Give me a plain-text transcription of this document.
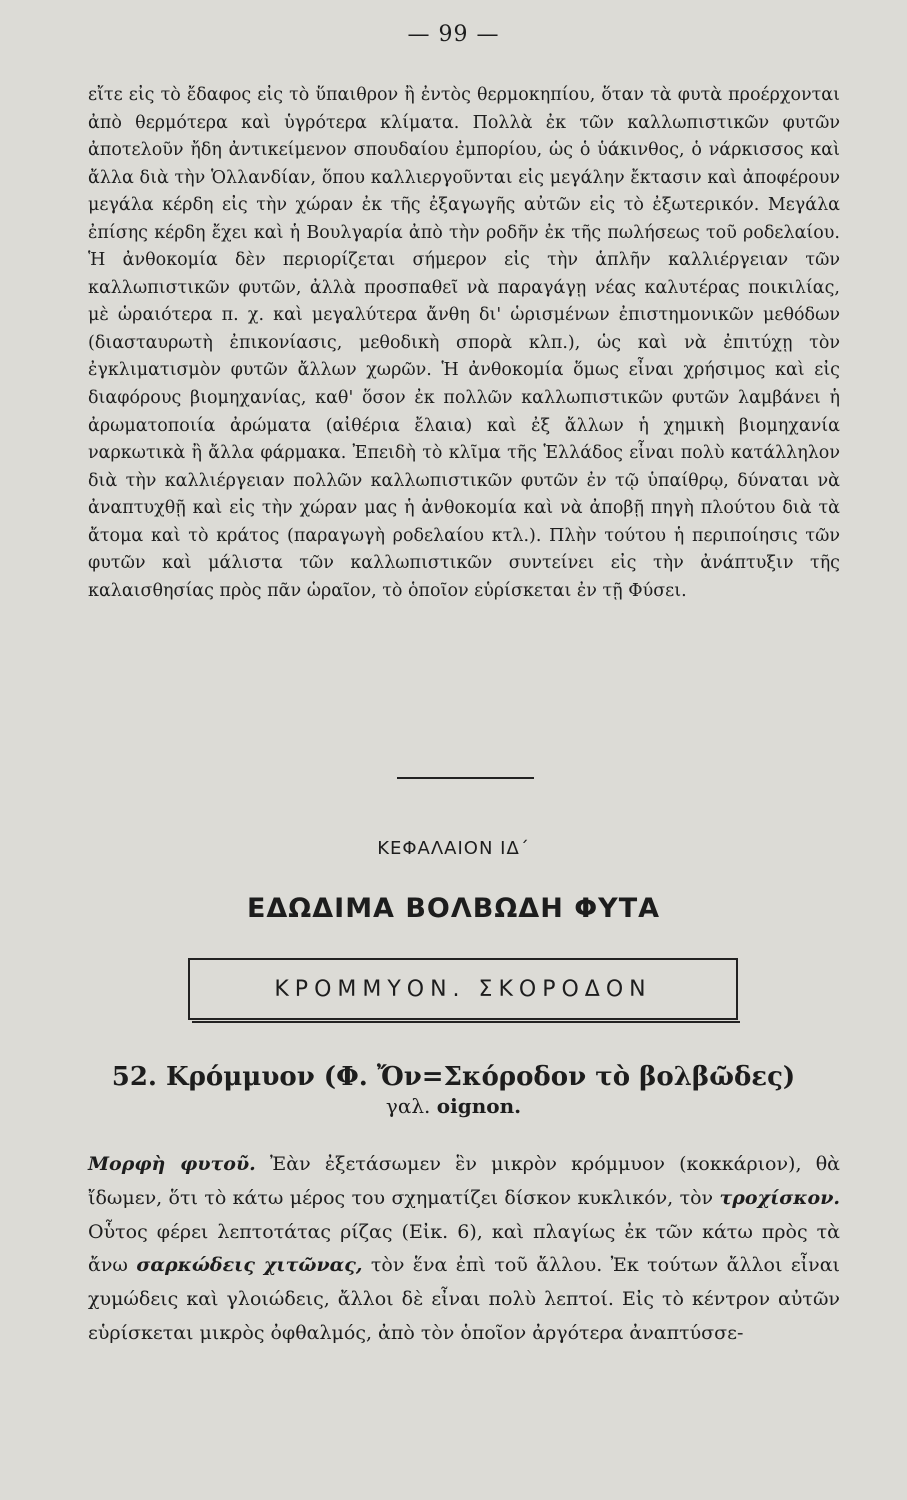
— 99 —

εἴτε εἰς τὸ ἔδαφος εἰς τὸ ὕπαιθρον ἢ ἐντὸς θερμοκηπίου, ὅταν τὰ φυτὰ προέρχονται ἀπὸ θερμότερα καὶ ὑγρότερα κλίματα. Πολλὰ ἐκ τῶν καλλωπιστικῶν φυτῶν ἀποτελοῦν ἤδη ἀντικείμενον σπουδαίου ἐμπορίου, ὡς ὁ ὑάκινθος, ὁ νάρκισσος καὶ ἄλλα διὰ τὴν Ὁλλανδίαν, ὅπου καλλιεργοῦνται εἰς μεγάλην ἔκτασιν καὶ ἀποφέρουν μεγάλα κέρδη εἰς τὴν χώραν ἐκ τῆς ἐξαγωγῆς αὐτῶν εἰς τὸ ἐξωτερικόν. Μεγάλα ἐπίσης κέρδη ἔχει καὶ ἡ Βουλγαρία ἀπὸ τὴν ροδῆν ἐκ τῆς πωλήσεως τοῦ ροδελαίου. Ἡ ἀνθοκομία δὲν περιορίζεται σήμερον εἰς τὴν ἁπλῆν καλλιέργειαν τῶν καλλωπιστικῶν φυτῶν, ἀλλὰ προσπαθεῖ νὰ παραγάγῃ νέας καλυτέρας ποικιλίας, μὲ ὡραιότερα π. χ. καὶ μεγαλύτερα ἄνθη δι' ὡρισμένων ἐπιστημονικῶν μεθόδων (διασταυρωτὴ ἐπικονίασις, μεθοδικὴ σπορὰ κλπ.), ὡς καὶ νὰ ἐπιτύχῃ τὸν ἐγκλιματισμὸν φυτῶν ἄλλων χωρῶν. Ἡ ἀνθοκομία ὅμως εἶναι χρήσιμος καὶ εἰς διαφόρους βιομηχανίας, καθ' ὅσον ἐκ πολλῶν καλλωπιστικῶν φυτῶν λαμβάνει ἡ ἀρωματοποιία ἀρώματα (αἰθέρια ἔλαια) καὶ ἐξ ἄλλων ἡ χημικὴ βιομηχανία ναρκωτικὰ ἢ ἄλλα φάρμακα. Ἐπειδὴ τὸ κλῖμα τῆς Ἑλλάδος εἶναι πολὺ κατάλληλον διὰ τὴν καλλιέργειαν πολλῶν καλλωπιστικῶν φυτῶν ἐν τῷ ὑπαίθρῳ, δύναται νὰ ἀναπτυχθῇ καὶ εἰς τὴν χώραν μας ἡ ἀνθοκομία καὶ νὰ ἀποβῇ πηγὴ πλούτου διὰ τὰ ἄτομα καὶ τὸ κράτος (παραγωγὴ ροδελαίου κτλ.). Πλὴν τούτου ἡ περιποίησις τῶν φυτῶν καὶ μάλιστα τῶν καλλωπιστικῶν συντείνει εἰς τὴν ἀνάπτυξιν τῆς καλαισθησίας πρὸς πᾶν ὡραῖον, τὸ ὁποῖον εὑρίσκεται ἐν τῇ Φύσει.

ΚΕΦΑΛΑΙΟΝ ΙΔ΄
ΕΔΩΔΙΜΑ ΒΟΛΒΩΔΗ ΦΥΤΑ
ΚΡΟΜΜΥΟΝ. ΣΚΟΡΟΔΟΝ
52. Κρόμμυον (Φ. Ὄν=Σκόροδον τὸ βολβῶδες)

γαλ. oignon.

Μορφὴ φυτοῦ. Ἐὰν ἐξετάσωμεν ἓν μικρὸν κρόμμυον (κοκκάριον), θὰ ἴδωμεν, ὅτι τὸ κάτω μέρος του σχηματίζει δίσκον κυκλικόν, τὸν τροχίσκον. Οὗτος φέρει λεπτοτάτας ρίζας (Εἰκ. 6), καὶ πλαγίως ἐκ τῶν κάτω πρὸς τὰ ἄνω σαρκώδεις χιτῶνας, τὸν ἕνα ἐπὶ τοῦ ἄλλου. Ἐκ τούτων ἄλλοι εἶναι χυμώδεις καὶ γλοιώδεις, ἄλλοι δὲ εἶναι πολὺ λεπτοί. Εἰς τὸ κέντρον αὐτῶν εὑρίσκεται μικρὸς ὀφθαλμός, ἀπὸ τὸν ὁποῖον ἀργότερα ἀναπτύσσε-
